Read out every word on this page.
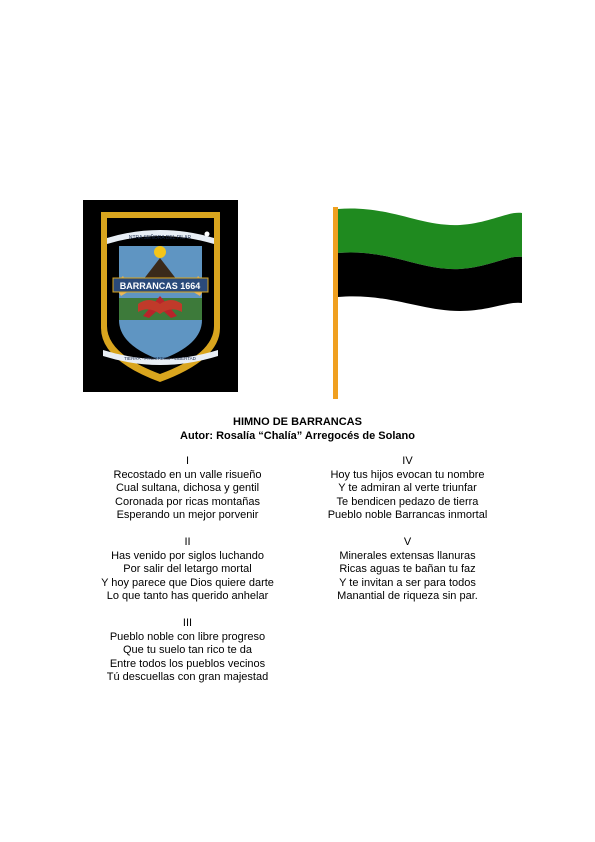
BARRANCAS 1664
NTRA SEÑORA DEL PILAR
TIERRA · PROGRESO · LIBERTAD
HIMNO DE BARRANCAS
Autor: Rosalía “Chalía” Arregocés de Solano
I
Recostado en un valle risueño
Cual sultana, dichosa y gentil
Coronada por ricas montañas
Esperando un mejor porvenir
II
Has venido por siglos luchando
Por salir del letargo mortal
Y hoy parece que Dios quiere darte
Lo que tanto has querido anhelar
III
Pueblo noble con libre progreso
Que tu suelo tan rico te da
Entre todos los pueblos vecinos
Tú descuellas con gran majestad
IV
Hoy tus hijos evocan tu nombre
Y te admiran al verte triunfar
Te bendicen pedazo de tierra
Pueblo noble Barrancas inmortal
V
Minerales extensas llanuras
Ricas aguas te bañan tu faz
Y te invitan a ser para todos
Manantial de riqueza sin par.
